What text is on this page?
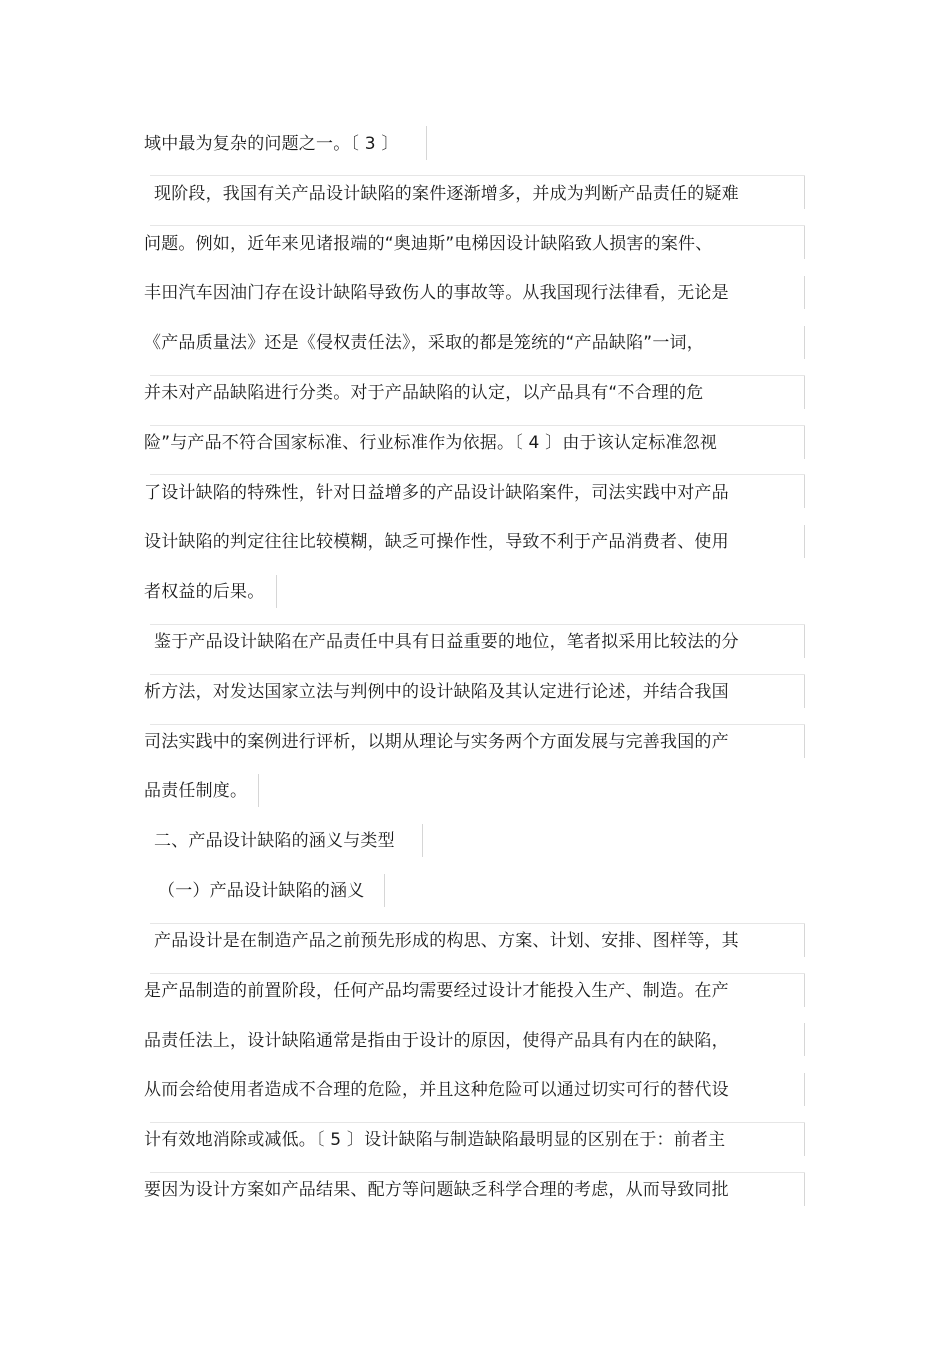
域中最为复杂的问题之一。〔 3 〕
现阶段，我国有关产品设计缺陷的案件逐渐增多，并成为判断产品责任的疑难
问题。例如，近年来见诸报端的“奥迪斯”电梯因设计缺陷致人损害的案件、
丰田汽车因油门存在设计缺陷导致伤人的事故等。从我国现行法律看，无论是
《产品质量法》还是《侵权责任法》，采取的都是笼统的“产品缺陷”一词，
并未对产品缺陷进行分类。对于产品缺陷的认定，以产品具有“不合理的危
险”与产品不符合国家标准、行业标准作为依据。〔 4 〕由于该认定标准忽视
了设计缺陷的特殊性，针对日益增多的产品设计缺陷案件，司法实践中对产品
设计缺陷的判定往往比较模糊，缺乏可操作性，导致不利于产品消费者、使用
者权益的后果。
鉴于产品设计缺陷在产品责任中具有日益重要的地位，笔者拟采用比较法的分
析方法，对发达国家立法与判例中的设计缺陷及其认定进行论述，并结合我国
司法实践中的案例进行评析，以期从理论与实务两个方面发展与完善我国的产
品责任制度。
二、产品设计缺陷的涵义与类型
（一）产品设计缺陷的涵义
产品设计是在制造产品之前预先形成的构思、方案、计划、安排、图样等，其
是产品制造的前置阶段，任何产品均需要经过设计才能投入生产、制造。在产
品责任法上，设计缺陷通常是指由于设计的原因，使得产品具有内在的缺陷，
从而会给使用者造成不合理的危险，并且这种危险可以通过切实可行的替代设
计有效地消除或减低。〔 5 〕设计缺陷与制造缺陷最明显的区别在于：前者主
要因为设计方案如产品结果、配方等问题缺乏科学合理的考虑，从而导致同批
